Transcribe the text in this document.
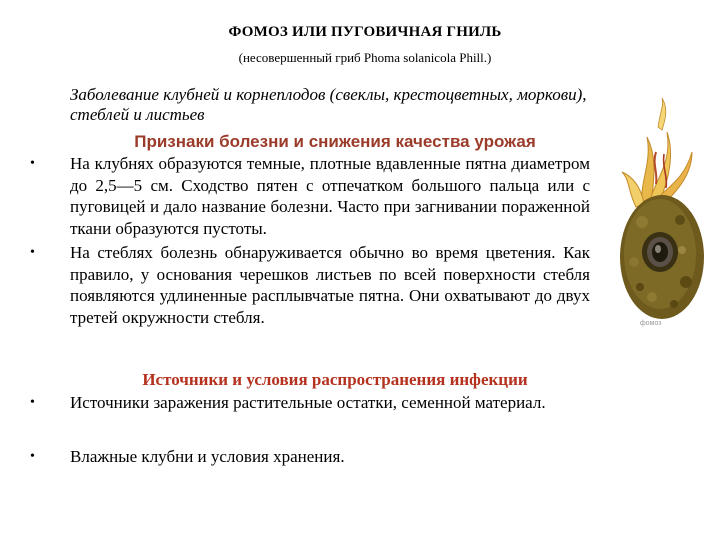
ФОМОЗ ИЛИ ПУГОВИЧНАЯ ГНИЛЬ
(несовершенный гриб Phoma solanicola Phill.)
Заболевание клубней и корнеплодов (свеклы, крестоцветных, моркови), стеблей и листьев
Признаки болезни и снижения качества урожая
• На клубнях образуются темные, плотные вдавленные пятна диаметром до 2,5—5 см. Сходство пятен с отпечатком большого пальца или с пуговицей и дало название болезни. Часто при загнивании пораженной ткани образуются пустоты.
• На стеблях болезнь обнаруживается обычно во время цветения. Как правило, у основания черешков листьев по всей поверхности стебля появляются удлиненные расплывчатые пятна. Они охватывают до двух третей окружности стебля.
Источники и условия распространения инфекции
• Источники заражения растительные остатки, семенной материал.
• Влажные клубни и условия хранения.
фомоз
